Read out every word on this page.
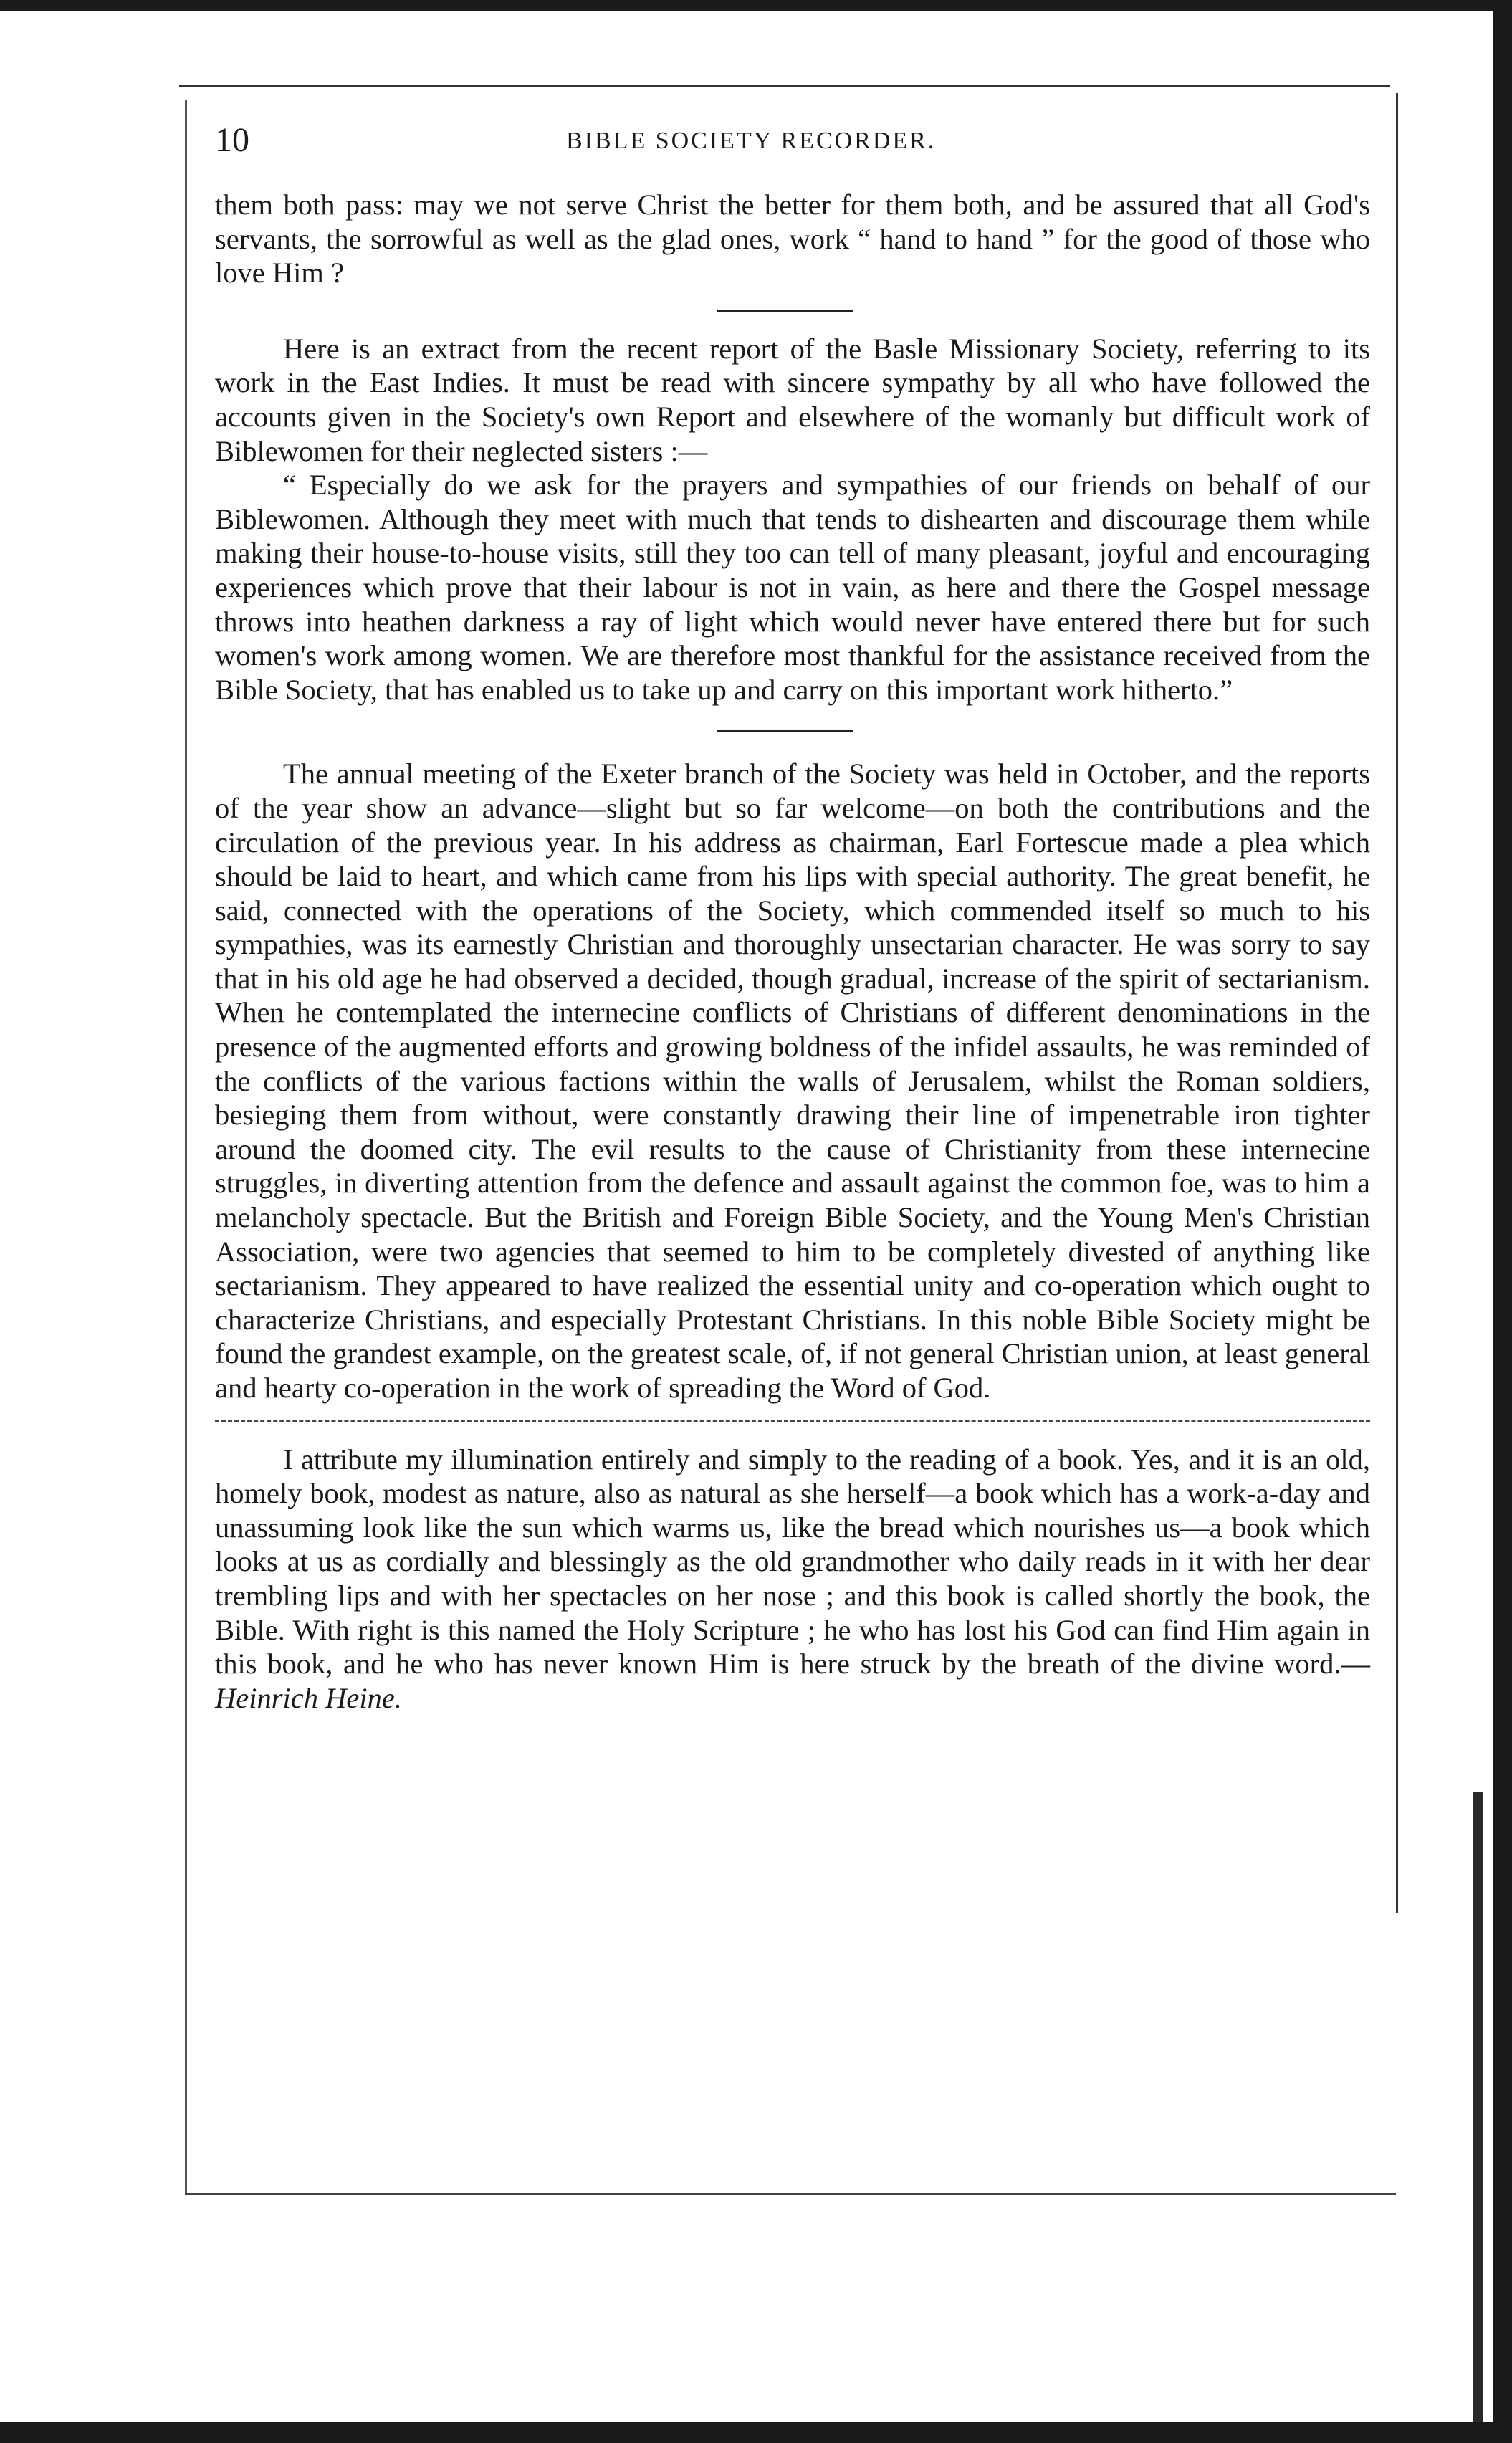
10	BIBLE SOCIETY RECORDER.

them both pass: may we not serve Christ the better for them both, and be assured that all God's servants, the sorrowful as well as the glad ones, work “ hand to hand ” for the good of those who love Him ?

Here is an extract from the recent report of the Basle Missionary Society, referring to its work in the East Indies. It must be read with sincere sympathy by all who have followed the accounts given in the Society's own Report and elsewhere of the womanly but difficult work of Biblewomen for their neglected sisters :—

“ Especially do we ask for the prayers and sympathies of our friends on behalf of our Biblewomen. Although they meet with much that tends to dishearten and discourage them while making their house-to-house visits, still they too can tell of many pleasant, joyful and encouraging experiences which prove that their labour is not in vain, as here and there the Gospel message throws into heathen darkness a ray of light which would never have entered there but for such women's work among women. We are therefore most thankful for the assistance received from the Bible Society, that has enabled us to take up and carry on this important work hitherto.”

The annual meeting of the Exeter branch of the Society was held in October, and the reports of the year show an advance—slight but so far welcome—on both the contributions and the circulation of the previous year. In his address as chairman, Earl Fortescue made a plea which should be laid to heart, and which came from his lips with special authority. The great benefit, he said, connected with the operations of the Society, which commended itself so much to his sympathies, was its earnestly Christian and thoroughly unsectarian character. He was sorry to say that in his old age he had observed a decided, though gradual, increase of the spirit of sectarianism. When he contemplated the internecine conflicts of Christians of different denominations in the presence of the augmented efforts and growing boldness of the infidel assaults, he was reminded of the conflicts of the various factions within the walls of Jerusalem, whilst the Roman soldiers, besieging them from without, were constantly drawing their line of impenetrable iron tighter around the doomed city. The evil results to the cause of Christianity from these internecine struggles, in diverting attention from the defence and assault against the common foe, was to him a melancholy spectacle. But the British and Foreign Bible Society, and the Young Men's Christian Association, were two agencies that seemed to him to be completely divested of anything like sectarianism. They appeared to have realized the essential unity and co-operation which ought to characterize Christians, and especially Protestant Christians. In this noble Bible Society might be found the grandest example, on the greatest scale, of, if not general Christian union, at least general and hearty co-operation in the work of spreading the Word of God.

I attribute my illumination entirely and simply to the reading of a book. Yes, and it is an old, homely book, modest as nature, also as natural as she herself—a book which has a work-a-day and unassuming look like the sun which warms us, like the bread which nourishes us—a book which looks at us as cordially and blessingly as the old grandmother who daily reads in it with her dear trembling lips and with her spectacles on her nose ; and this book is called shortly the book, the Bible. With right is this named the Holy Scripture ; he who has lost his God can find Him again in this book, and he who has never known Him is here struck by the breath of the divine word.—Heinrich Heine.
